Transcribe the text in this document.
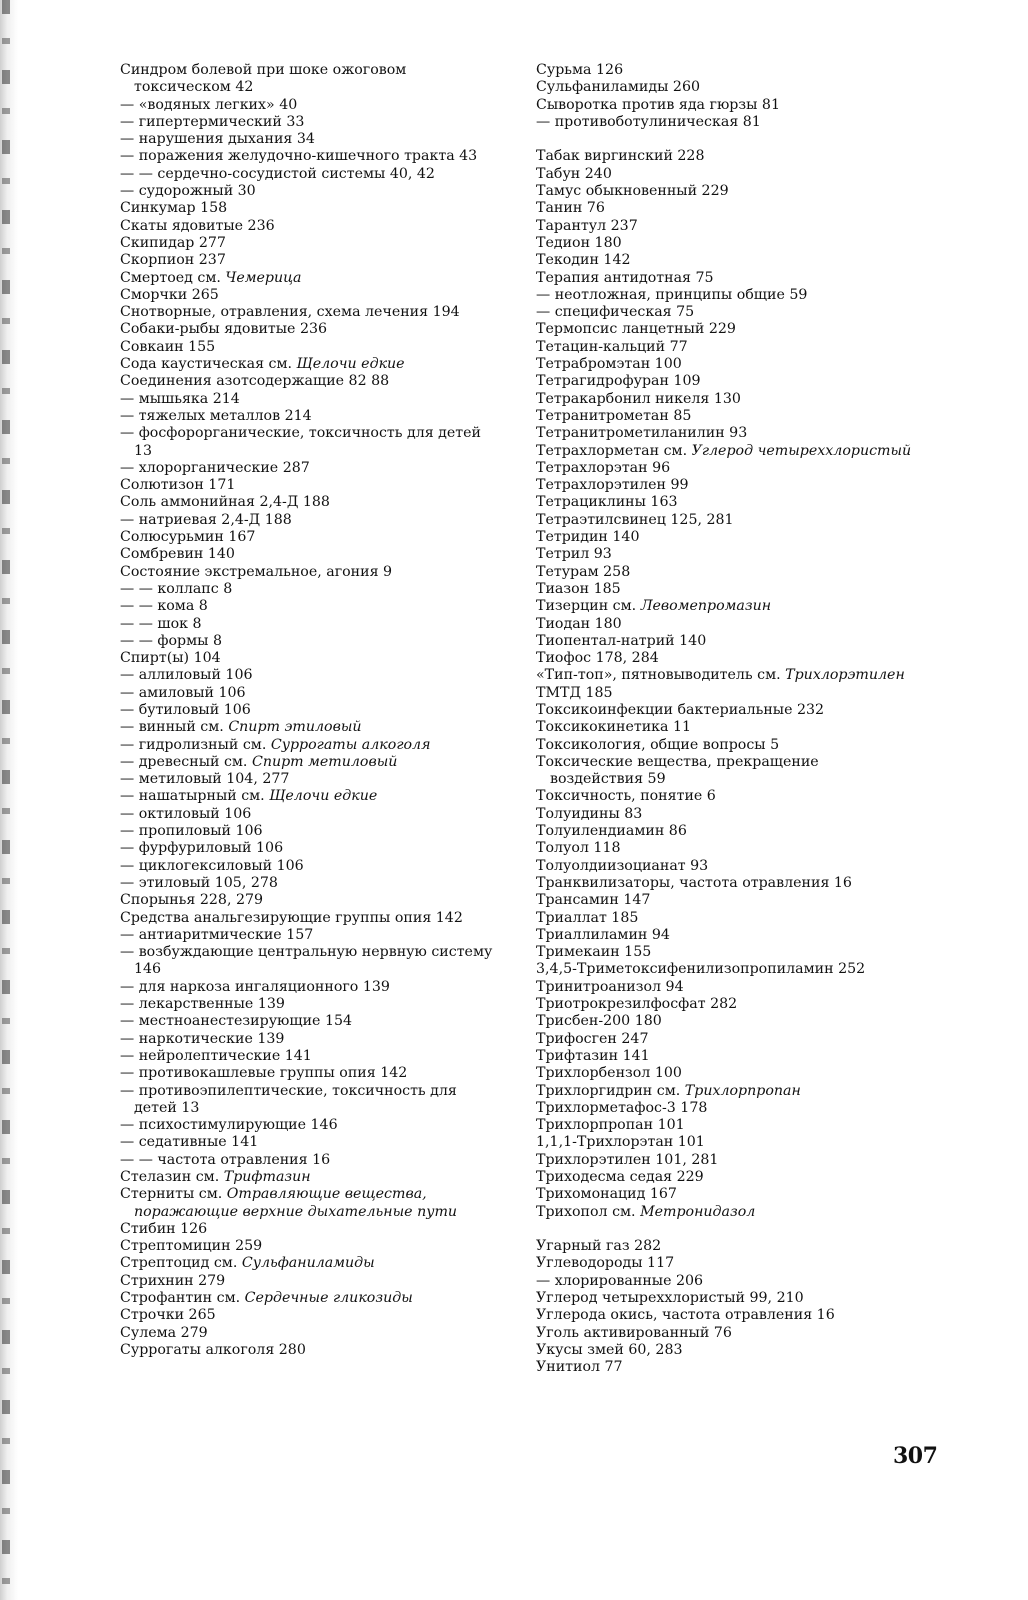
Синдром болевой при шоке ожоговом токсическом 42
— «водяных легких» 40
— гипертермический 33
— нарушения дыхания 34
— поражения желудочно-кишечного тракта 43
— — сердечно-сосудистой системы 40, 42
— судорожный 30
Синкумар 158
Скаты ядовитые 236
Скипидар 277
Скорпион 237
Смертоед см. Чемерица
Сморчки 265
Снотворные, отравления, схема лечения 194
Собаки-рыбы ядовитые 236
Совкаин 155
Сода каустическая см. Щелочи едкие
Соединения азотсодержащие 82 88
— мышьяка 214
— тяжелых металлов 214
— фосфорорганические, токсичность для детей 13
— хлорорганические 287
Солютизон 171
Соль аммонийная 2,4-Д 188
— натриевая 2,4-Д 188
Солюсурьмин 167
Сомбревин 140
Состояние экстремальное, агония 9
— — коллапс 8
— — кома 8
— — шок 8
— — формы 8
Спирт(ы) 104
— аллиловый 106
— амиловый 106
— бутиловый 106
— винный см. Спирт этиловый
— гидролизный см. Суррогаты алкоголя
— древесный см. Спирт метиловый
— метиловый 104, 277
— нашатырный см. Щелочи едкие
— октиловый 106
— пропиловый 106
— фурфуриловый 106
— циклогексиловый 106
— этиловый 105, 278
Спорынья 228, 279
Средства анальгезирующие группы опия 142
— антиаритмические 157
— возбуждающие центральную нервную систему 146
— для наркоза ингаляционного 139
— лекарственные 139
— местноанестезирующие 154
— наркотические 139
— нейролептические 141
— противокашлевые группы опия 142
— противоэпилептические, токсичность для детей 13
— психостимулирующие 146
— седативные 141
— — частота отравления 16
Стелазин см. Трифтазин
Стерниты см. Отравляющие вещества, поражающие верхние дыхательные пути
Стибин 126
Стрептомицин 259
Стрептоцид см. Сульфаниламиды
Стрихнин 279
Строфантин см. Сердечные гликозиды
Строчки 265
Сулема 279
Суррогаты алкоголя 280
Сурьма 126
Сульфаниламиды 260
Сыворотка против яда гюрзы 81
— противоботулиническая 81
Табак виргинский 228
Табун 240
Тамус обыкновенный 229
Танин 76
Тарантул 237
Тедион 180
Текодин 142
Терапия антидотная 75
— неотложная, принципы общие 59
— специфическая 75
Термопсис ланцетный 229
Тетацин-кальций 77
Тетрабромэтан 100
Тетрагидрофуран 109
Тетракарбонил никеля 130
Тетранитрометан 85
Тетранитрометиланилин 93
Тетрахлорметан см. Углерод четыреххлористый
Тетрахлорэтан 96
Тетрахлорэтилен 99
Тетрациклины 163
Тетраэтилсвинец 125, 281
Тетридин 140
Тетрил 93
Тетурам 258
Тиазон 185
Тизерцин см. Левомепромазин
Тиодан 180
Тиопентал-натрий 140
Тиофос 178, 284
«Тип-топ», пятновыводитель см. Трихлорэтилен
ТМТД 185
Токсикоинфекции бактериальные 232
Токсикокинетика 11
Токсикология, общие вопросы 5
Токсические вещества, прекращение воздействия 59
Токсичность, понятие 6
Толуидины 83
Толуилендиамин 86
Толуол 118
Толуолдиизоцианат 93
Транквилизаторы, частота отравления 16
Трансамин 147
Триаллат 185
Триаллиламин 94
Тримекаин 155
3,4,5-Триметоксифенилизопропиламин 252
Тринитроанизол 94
Триотрокрезилфосфат 282
Трисбен-200 180
Трифосген 247
Трифтазин 141
Трихлорбензол 100
Трихлоргидрин см. Трихлорпропан
Трихлорметафос-3 178
Трихлорпропан 101
1,1,1-Трихлорэтан 101
Трихлорэтилен 101, 281
Триходесма седая 229
Трихомонацид 167
Трихопол см. Метронидазол
Угарный газ 282
Углеводороды 117
— хлорированные 206
Углерод четыреххлористый 99, 210
Углерода окись, частота отравления 16
Уголь активированный 76
Укусы змей 60, 283
Унитиол 77
307
